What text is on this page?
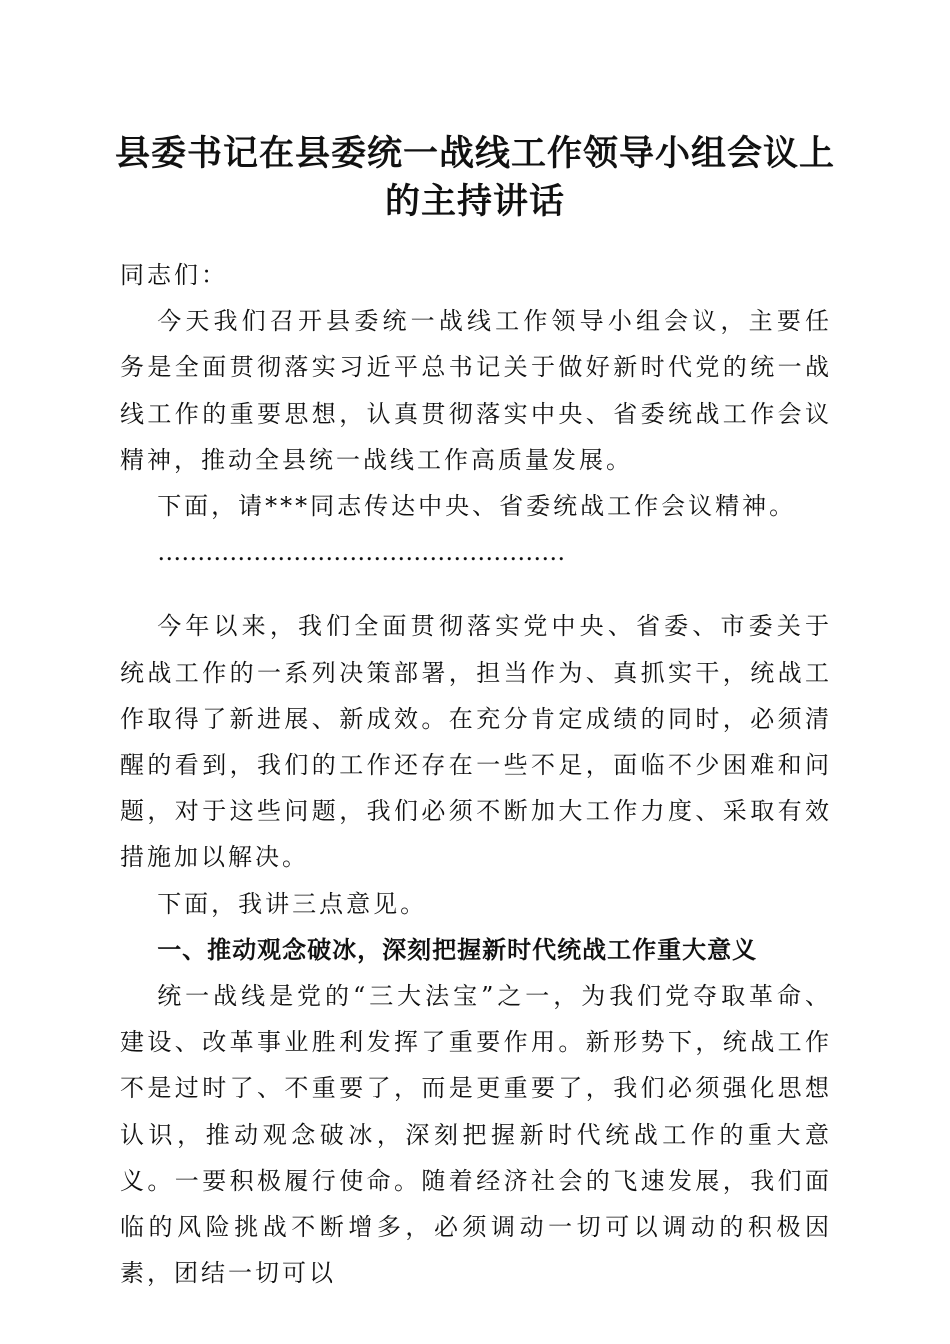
县委书记在县委统一战线工作领导小组会议上
的主持讲话

同志们：

今天我们召开县委统一战线工作领导小组会议，主要任务是全面贯彻落实习近平总书记关于做好新时代党的统一战线工作的重要思想，认真贯彻落实中央、省委统战工作会议精神，推动全县统一战线工作高质量发展。

下面，请***同志传达中央、省委统战工作会议精神。

……………………………………………

今年以来，我们全面贯彻落实党中央、省委、市委关于统战工作的一系列决策部署，担当作为、真抓实干，统战工作取得了新进展、新成效。在充分肯定成绩的同时，必须清醒的看到，我们的工作还存在一些不足，面临不少困难和问题，对于这些问题，我们必须不断加大工作力度、采取有效措施加以解决。

下面，我讲三点意见。

一、推动观念破冰，深刻把握新时代统战工作重大意义

统一战线是党的“三大法宝”之一，为我们党夺取革命、建设、改革事业胜利发挥了重要作用。新形势下，统战工作不是过时了、不重要了，而是更重要了，我们必须强化思想认识，推动观念破冰，深刻把握新时代统战工作的重大意义。一要积极履行使命。随着经济社会的飞速发展，我们面临的风险挑战不断增多，必须调动一切可以调动的积极因素，团结一切可以
